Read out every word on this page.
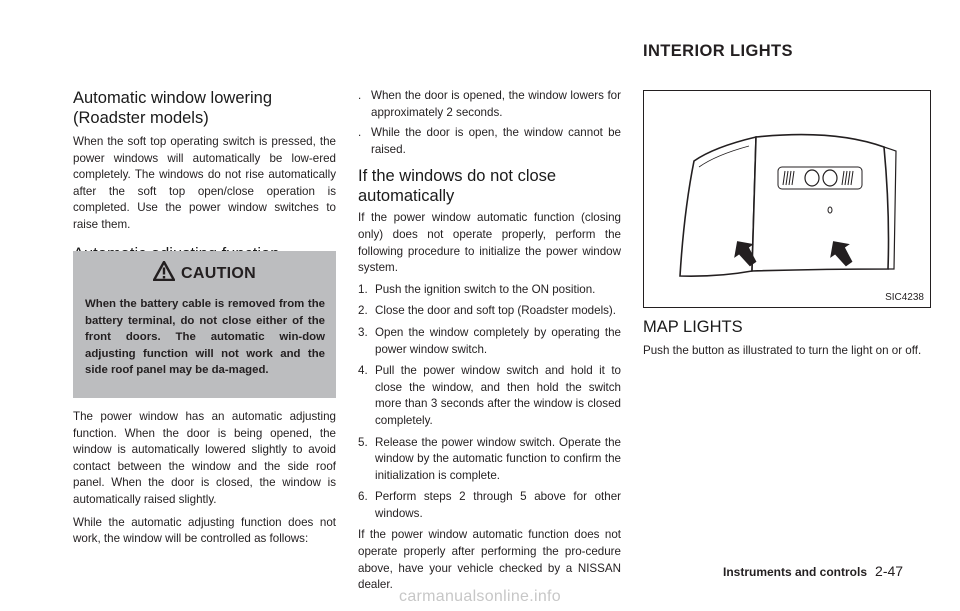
INTERIOR LIGHTS

Automatic window lowering (Roadster models)

When the soft top operating switch is pressed, the power windows will automatically be low-ered completely. The windows do not rise automatically after the soft top open/close operation is completed. Use the power window switches to raise them.

CAUTION

When the battery cable is removed from the battery terminal, do not close either of the front doors. The automatic win-dow adjusting function will not work and the side roof panel may be da-maged.

The power window has an automatic adjusting function. When the door is being opened, the window is automatically lowered slightly to avoid contact between the window and the side roof panel. When the door is closed, the window is automatically raised slightly.

While the automatic adjusting function does not work, the window will be controlled as follows:

. When the door is opened, the window lowers for approximately 2 seconds.
. While the door is open, the window cannot be raised.

If the windows do not close automatically

If the power window automatic function (closing only) does not operate properly, perform the following procedure to initialize the power window system.

1. Push the ignition switch to the ON position.
2. Close the door and soft top (Roadster models).
3. Open the window completely by operating the power window switch.
4. Pull the power window switch and hold it to close the window, and then hold the switch more than 3 seconds after the window is closed completely.
5. Release the power window switch. Operate the window by the automatic function to confirm the initialization is complete.
6. Perform steps 2 through 5 above for other windows.

If the power window automatic function does not operate properly after performing the pro-cedure above, have your vehicle checked by a NISSAN dealer.

SIC4238

MAP LIGHTS

Push the button as illustrated to turn the light on or off.

Instruments and controls 2-47
carmanualsonline.info
